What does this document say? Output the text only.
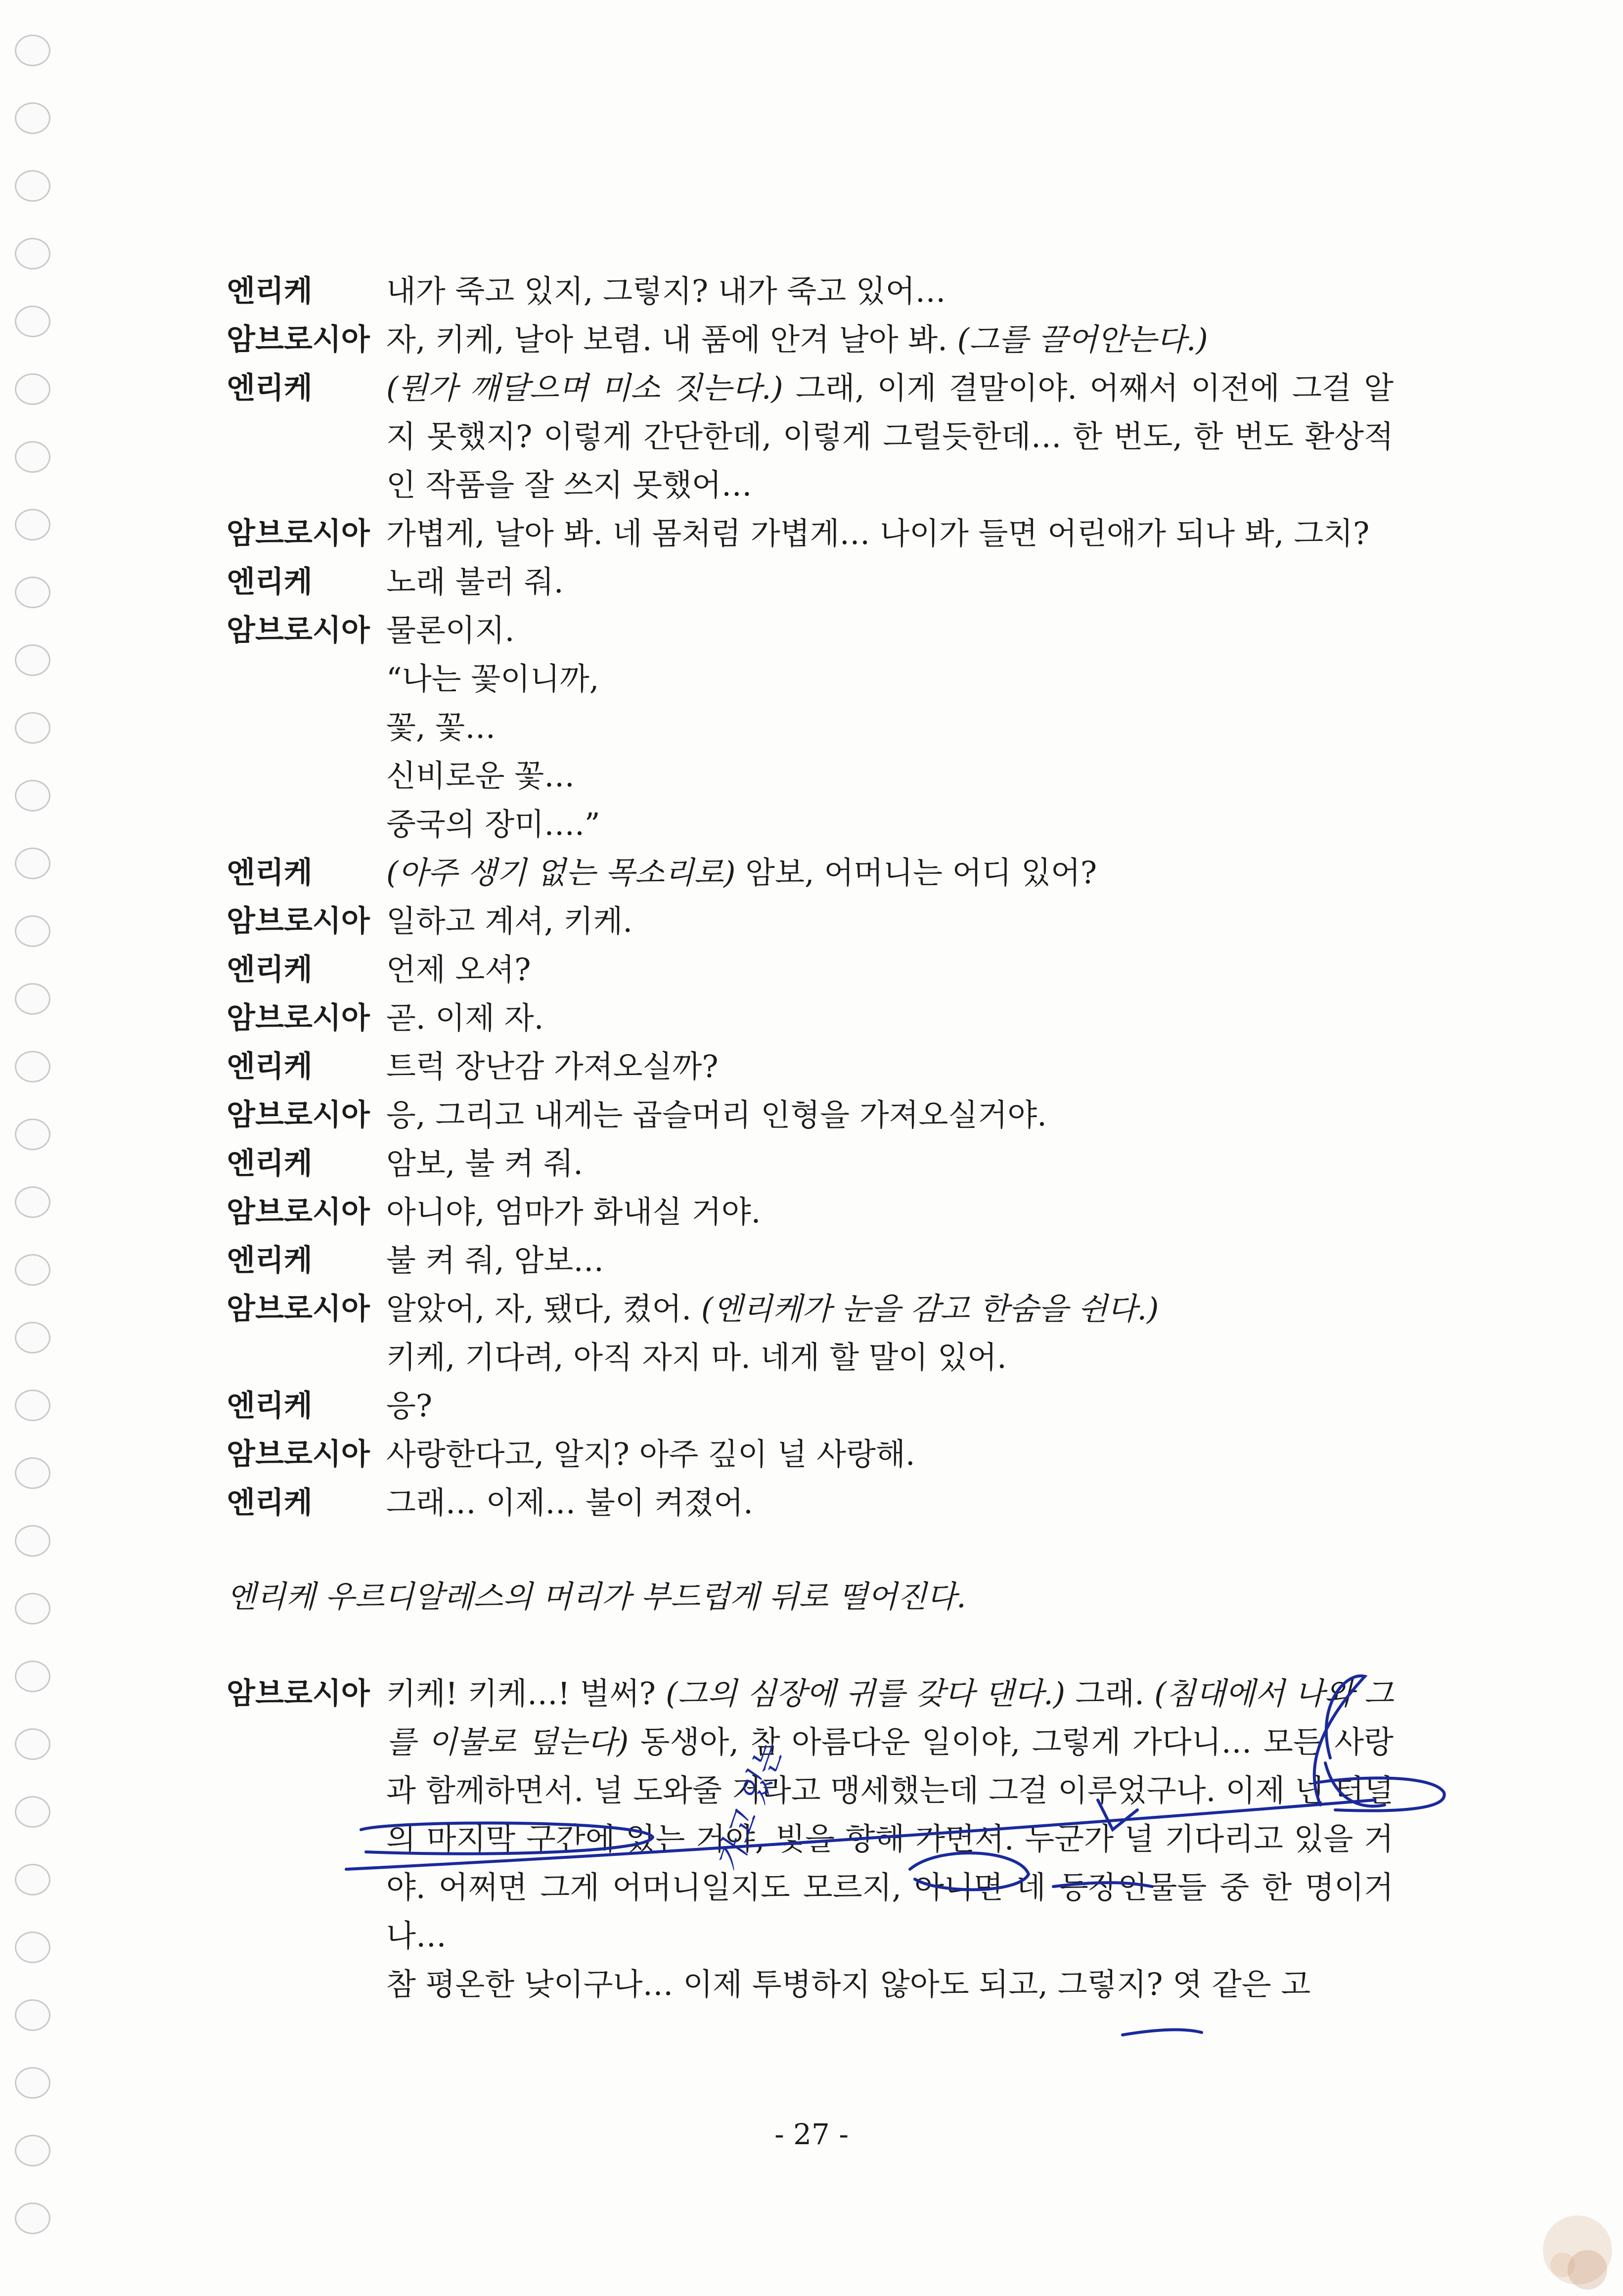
엔리케	내가 죽고 있지, 그렇지? 내가 죽고 있어…
암브로시아 자, 키케, 날아 보렴. 내 품에 안겨 날아 봐. (그를 끌어안는다.)
엔리케	(뭔가 깨달으며 미소 짓는다.) 그래, 이게 결말이야. 어째서 이전에 그걸 알지 못했지? 이렇게 간단한데, 이렇게 그럴듯한데… 한 번도, 한 번도 환상적인 작품을 잘 쓰지 못했어…
암브로시아 가볍게, 날아 봐. 네 몸처럼 가볍게… 나이가 들면 어린애가 되나 봐, 그치?
엔리케	노래 불러 줘.
암브로시아 물론이지.
“나는 꽃이니까,
꽃, 꽃…
신비로운 꽃…
중국의 장미….”
엔리케	(아주 생기 없는 목소리로) 암보, 어머니는 어디 있어?
암브로시아 일하고 계셔, 키케.
엔리케	언제 오셔?
암브로시아 곧. 이제 자.
엔리케	트럭 장난감 가져오실까?
암브로시아 응, 그리고 내게는 곱슬머리 인형을 가져오실거야.
엔리케	암보, 불 켜 줘.
암브로시아 아니야, 엄마가 화내실 거야.
엔리케	불 켜 줘, 암보…
암브로시아 알았어, 자, 됐다, 켰어. (엔리케가 눈을 감고 한숨을 쉰다.)
키케, 기다려, 아직 자지 마. 네게 할 말이 있어.
엔리케	응?
암브로시아 사랑한다고, 알지? 아주 깊이 널 사랑해.
엔리케	그래… 이제… 불이 켜졌어.
엔리케 우르디알레스의 머리가 부드럽게 뒤로 떨어진다.
암브로시아 키케! 키케…! 벌써? (그의 심장에 귀를 갖다 댄다.) 그래. (침대에서 나와 그를 이불로 덮는다) 동생아, 참 아름다운 일이야, 그렇게 가다니… 모든 사랑과 함께하면서. 널 도와줄 거라고 맹세했는데 그걸 이루었구나. 이제 넌 터널의 마지막 구간에 있는 거야, 빛을 향해 가면서. 누군가 널 기다리고 있을 거야. 어쩌면 그게 어머니일지도 모르지, 아니면 네 등장인물들 중 한 명이거나…
참 평온한 낮이구나… 이제 투병하지 않아도 되고, 그렇지? 엿 같은 고
가고 있는
- 27 -
